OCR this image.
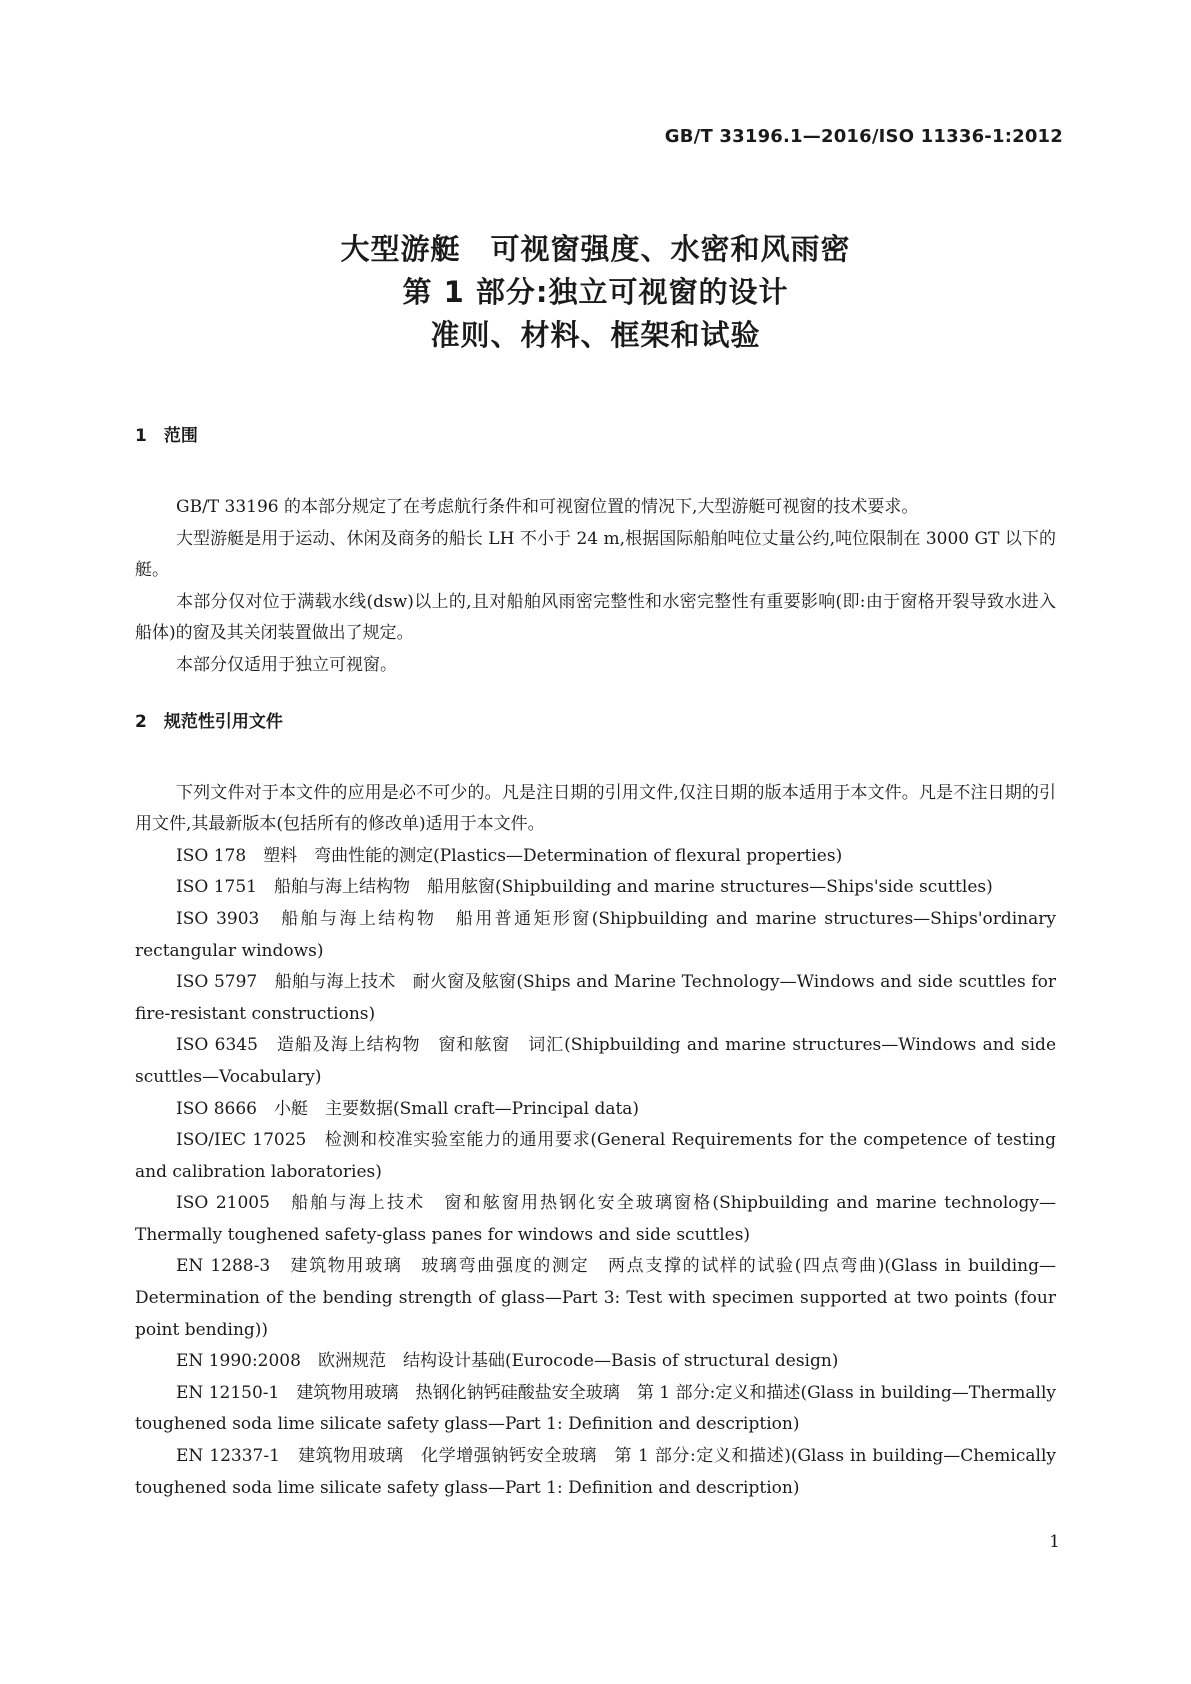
GB/T 33196.1—2016/ISO 11336-1:2012
大型游艇　可视窗强度、水密和风雨密
第 1 部分:独立可视窗的设计
准则、材料、框架和试验
1　范围

GB/T 33196 的本部分规定了在考虑航行条件和可视窗位置的情况下,大型游艇可视窗的技术要求。

大型游艇是用于运动、休闲及商务的船长 LH 不小于 24 m,根据国际船舶吨位丈量公约,吨位限制在 3000 GT 以下的艇。

本部分仅对位于满载水线(dsw)以上的,且对船舶风雨密完整性和水密完整性有重要影响(即:由于窗格开裂导致水进入船体)的窗及其关闭装置做出了规定。

本部分仅适用于独立可视窗。

2　规范性引用文件

下列文件对于本文件的应用是必不可少的。凡是注日期的引用文件,仅注日期的版本适用于本文件。凡是不注日期的引用文件,其最新版本(包括所有的修改单)适用于本文件。

ISO 178　塑料　弯曲性能的测定(Plastics—Determination of flexural properties)

ISO 1751　船舶与海上结构物　船用舷窗(Shipbuilding and marine structures—Ships'side scuttles)

ISO 3903　船舶与海上结构物　船用普通矩形窗(Shipbuilding and marine structures—Ships'ordinary rectangular windows)

ISO 5797　船舶与海上技术　耐火窗及舷窗(Ships and Marine Technology—Windows and side scuttles for fire-resistant constructions)

ISO 6345　造船及海上结构物　窗和舷窗　词汇(Shipbuilding and marine structures—Windows and side scuttles—Vocabulary)

ISO 8666　小艇　主要数据(Small craft—Principal data)

ISO/IEC 17025　检测和校准实验室能力的通用要求(General Requirements for the competence of testing and calibration laboratories)

ISO 21005　船舶与海上技术　窗和舷窗用热钢化安全玻璃窗格(Shipbuilding and marine technology—Thermally toughened safety-glass panes for windows and side scuttles)

EN 1288-3　建筑物用玻璃　玻璃弯曲强度的测定　两点支撑的试样的试验(四点弯曲)(Glass in building—Determination of the bending strength of glass—Part 3: Test with specimen supported at two points (four point bending))

EN 1990:2008　欧洲规范　结构设计基础(Eurocode—Basis of structural design)

EN 12150-1　建筑物用玻璃　热钢化钠钙硅酸盐安全玻璃　第 1 部分:定义和描述(Glass in building—Thermally toughened soda lime silicate safety glass—Part 1: Definition and description)

EN 12337-1　建筑物用玻璃　化学增强钠钙安全玻璃　第 1 部分:定义和描述)(Glass in building—Chemically toughened soda lime silicate safety glass—Part 1: Definition and description)

1
